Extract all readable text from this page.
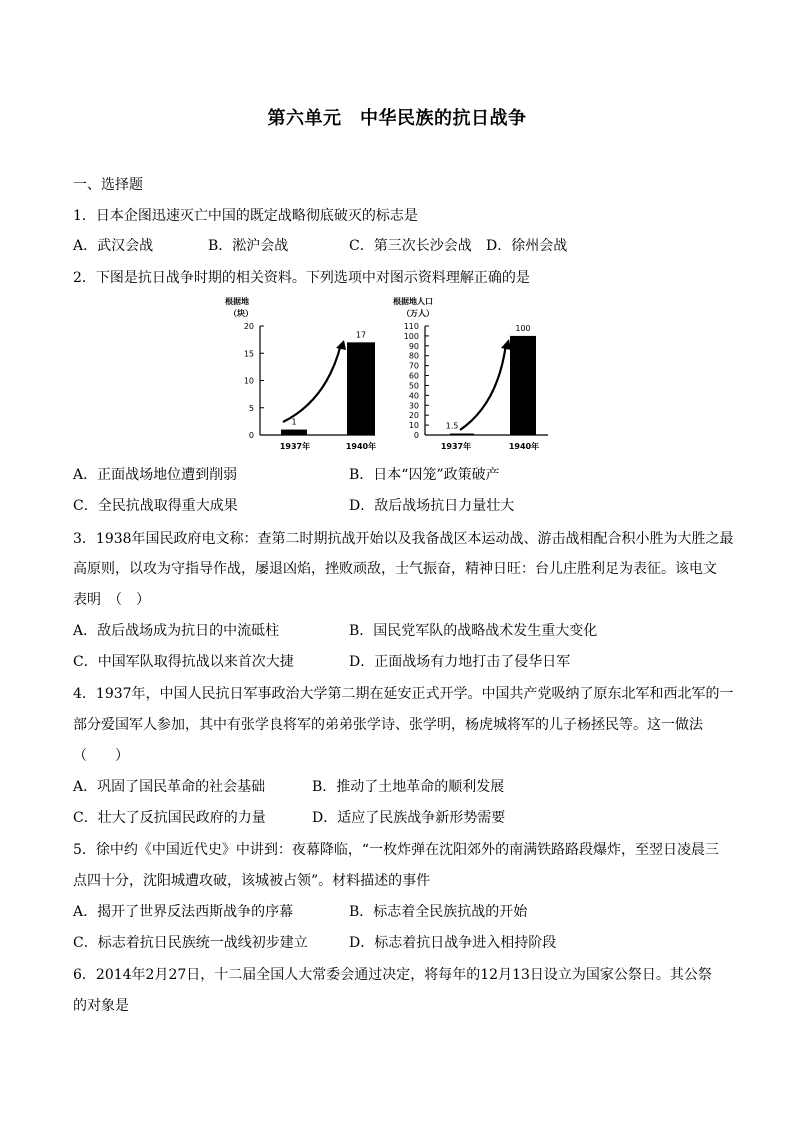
第六单元　中华民族的抗日战争
一、选择题
1．日本企图迅速灭亡中国的既定战略彻底破灭的标志是
A．武汉会战	B．淞沪会战	C．第三次长沙会战 D．徐州会战
2．下图是抗日战争时期的相关资料。下列选项中对图示资料理解正确的是
根据地
（块）
0
5
10
15
20
1
1937年
17
1940年
根据地人口
（万人）
0
10
20
30
40
50
60
70
80
90
100
110
1.5
1937年
100
1940年
A．正面战场地位遭到削弱	B．日本“囚笼”政策破产
C．全民抗战取得重大成果	D．敌后战场抗日力量壮大
3．1938年国民政府电文称：查第二时期抗战开始以及我备战区本运动战、游击战相配合积小胜为大胜之最
高原则，以攻为守指导作战，屡退凶焰，挫败顽敌，士气振奋，精神日旺：台儿庄胜利足为表征。该电文
表明　（　）
A．敌后战场成为抗日的中流砥柱	B．国民党军队的战略战术发生重大变化
C．中国军队取得抗战以来首次大捷	D．正面战场有力地打击了侵华日军
4．1937年，中国人民抗日军事政治大学第二期在延安正式开学。中国共产党吸纳了原东北军和西北军的一
部分爱国军人参加，其中有张学良将军的弟弟张学诗、张学明，杨虎城将军的儿子杨拯民等。这一做法
（　　）
A．巩固了国民革命的社会基础	B．推动了土地革命的顺利发展
C．壮大了反抗国民政府的力量	D．适应了民族战争新形势需要
5．徐中约《中国近代史》中讲到：夜幕降临，“一枚炸弹在沈阳郊外的南满铁路路段爆炸，至翌日凌晨三
点四十分，沈阳城遭攻破，该城被占领”。材料描述的事件
A．揭开了世界反法西斯战争的序幕	B．标志着全民族抗战的开始
C．标志着抗日民族统一战线初步建立	D．标志着抗日战争进入相持阶段
6．2014年2月27日，十二届全国人大常委会通过决定，将每年的12月13日设立为国家公祭日。其公祭
的对象是
